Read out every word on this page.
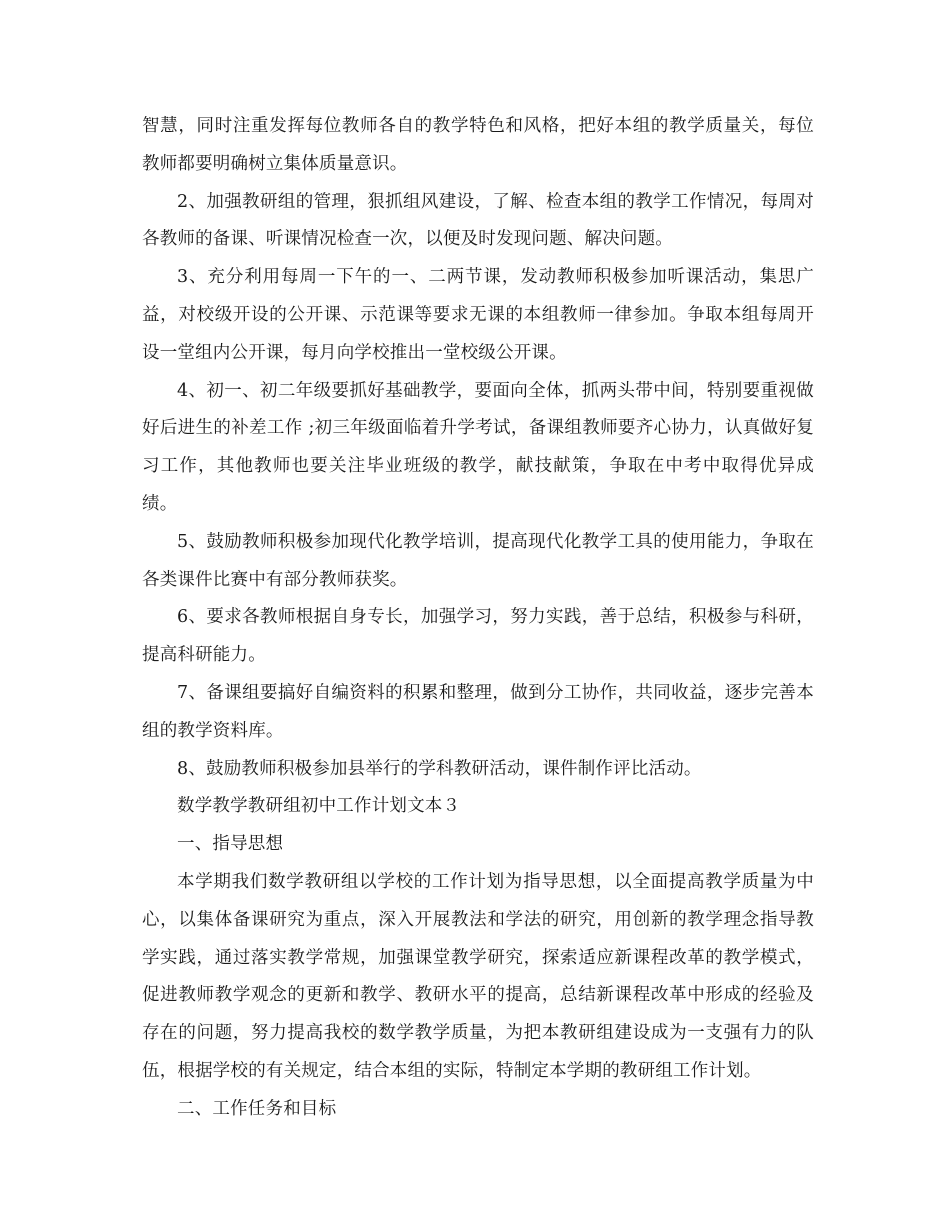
智慧，同时注重发挥每位教师各自的教学特色和风格，把好本组的教学质量关，每位教师都要明确树立集体质量意识。

2、加强教研组的管理，狠抓组风建设，了解、检查本组的教学工作情况，每周对各教师的备课、听课情况检查一次，以便及时发现问题、解决问题。

3、充分利用每周一下午的一、二两节课，发动教师积极参加听课活动，集思广益，对校级开设的公开课、示范课等要求无课的本组教师一律参加。争取本组每周开设一堂组内公开课，每月向学校推出一堂校级公开课。

4、初一、初二年级要抓好基础教学，要面向全体，抓两头带中间，特别要重视做好后进生的补差工作 ;初三年级面临着升学考试，备课组教师要齐心协力，认真做好复习工作，其他教师也要关注毕业班级的教学，献技献策，争取在中考中取得优异成绩。

5、鼓励教师积极参加现代化教学培训，提高现代化教学工具的使用能力，争取在各类课件比赛中有部分教师获奖。

6、要求各教师根据自身专长，加强学习，努力实践，善于总结，积极参与科研，提高科研能力。

7、备课组要搞好自编资料的积累和整理，做到分工协作，共同收益，逐步完善本组的教学资料库。

8、鼓励教师积极参加县举行的学科教研活动，课件制作评比活动。

数学教学教研组初中工作计划文本３

一、指导思想

本学期我们数学教研组以学校的工作计划为指导思想，以全面提高教学质量为中心，以集体备课研究为重点，深入开展教法和学法的研究，用创新的教学理念指导教学实践，通过落实教学常规，加强课堂教学研究，探索适应新课程改革的教学模式，促进教师教学观念的更新和教学、教研水平的提高，总结新课程改革中形成的经验及存在的问题，努力提高我校的数学教学质量，为把本教研组建设成为一支强有力的队伍，根据学校的有关规定，结合本组的实际，特制定本学期的教研组工作计划。

二、工作任务和目标
